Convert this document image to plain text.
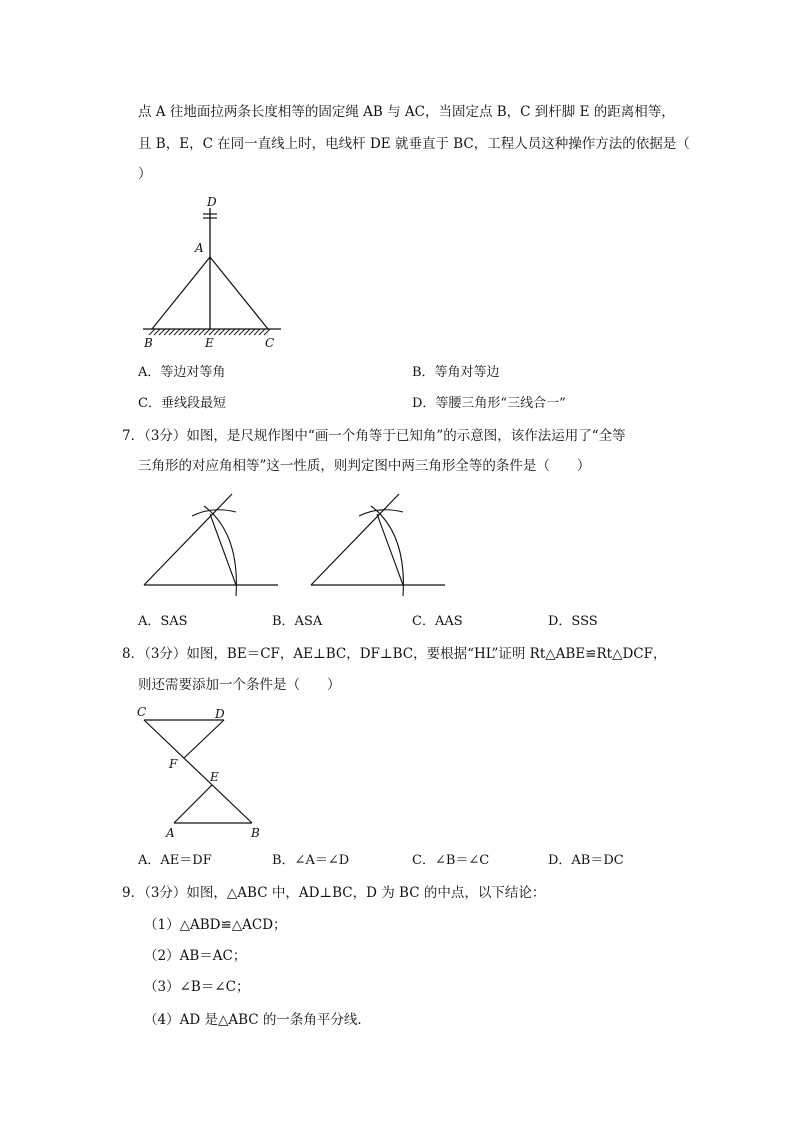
点 A 往地面拉两条长度相等的固定绳 AB 与 AC，当固定点 B，C 到杆脚 E 的距离相等，
且 B，E，C 在同一直线上时，电线杆 DE 就垂直于 BC，工程人员这种操作方法的依据是（
）
D
A
B	E	C
A．等边对等角	B．等角对等边
C．垂线段最短	D．等腰三角形“三线合一”
7．（3分）如图，是尺规作图中“画一个角等于已知角”的示意图，该作法运用了“全等
三角形的对应角相等”这一性质，则判定图中两三角形全等的条件是（　　）
A．SAS	B．ASA	C．AAS	D．SSS
8．（3分）如图，BE＝CF，AE⊥BC，DF⊥BC，要根据“HL”证明 Rt△ABE≌Rt△DCF，
则还需要添加一个条件是（　　）
C	D
F
E
A	B
A．AE＝DF	B．∠A＝∠D	C．∠B＝∠C	D．AB＝DC
9．（3分）如图，△ABC 中，AD⊥BC，D 为 BC 的中点，以下结论：
（1）△ABD≌△ACD；
（2）AB＝AC；
（3）∠B＝∠C；
（4）AD 是△ABC 的一条角平分线．
